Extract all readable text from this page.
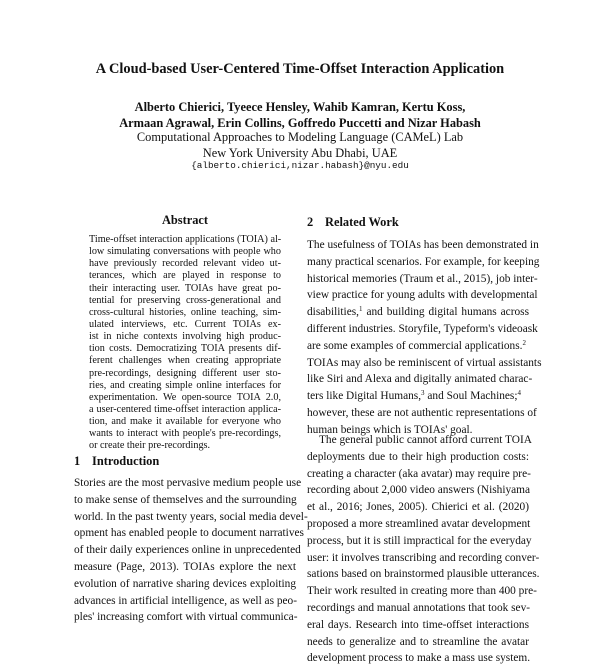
A Cloud-based User-Centered Time-Offset Interaction Application
Alberto Chierici, Tyeece Hensley, Wahib Kamran, Kertu Koss,
Armaan Agrawal, Erin Collins, Goffredo Puccetti and Nizar Habash
Computational Approaches to Modeling Language (CAMeL) Lab
New York University Abu Dhabi, UAE
{alberto.chierici,nizar.habash}@nyu.edu
Abstract
Time-offset interaction applications (TOIA) al-
low simulating conversations with people who
have previously recorded relevant video ut-
terances, which are played in response to
their interacting user. TOIAs have great po-
tential for preserving cross-generational and
cross-cultural histories, online teaching, sim-
ulated interviews, etc. Current TOIAs ex-
ist in niche contexts involving high produc-
tion costs. Democratizing TOIA presents dif-
ferent challenges when creating appropriate
pre-recordings, designing different user sto-
ries, and creating simple online interfaces for
experimentation. We open-source TOIA 2.0,
a user-centered time-offset interaction applica-
tion, and make it available for everyone who
wants to interact with people's pre-recordings,
or create their pre-recordings.
1 Introduction
Stories are the most pervasive medium people use
to make sense of themselves and the surrounding
world. In the past twenty years, social media devel-
opment has enabled people to document narratives
of their daily experiences online in unprecedented
measure (Page, 2013). TOIAs explore the next
evolution of narrative sharing devices exploiting
advances in artificial intelligence, as well as peo-
ples' increasing comfort with virtual communica-
2 Related Work
The usefulness of TOIAs has been demonstrated in
many practical scenarios. For example, for keeping
historical memories (Traum et al., 2015), job inter-
view practice for young adults with developmental
disabilities,$^1$ and building digital humans across
different industries. Storyfile, Typeform's videoask
are some examples of commercial applications.$^2$
TOIAs may also be reminiscent of virtual assistants
like Siri and Alexa and digitally animated charac-
ters like Digital Humans,$^3$ and Soul Machines;$^4$
however, these are not authentic representations of
human beings which is TOIAs' goal.
The general public cannot afford current TOIA
deployments due to their high production costs:
creating a character (aka avatar) may require pre-
recording about 2,000 video answers (Nishiyama
et al., 2016; Jones, 2005). Chierici et al. (2020)
proposed a more streamlined avatar development
process, but it is still impractical for the everyday
user: it involves transcribing and recording conver-
sations based on brainstormed plausible utterances.
Their work resulted in creating more than 400 pre-
recordings and manual annotations that took sev-
eral days. Research into time-offset interactions
needs to generalize and to streamline the avatar
development process to make a mass use system.
